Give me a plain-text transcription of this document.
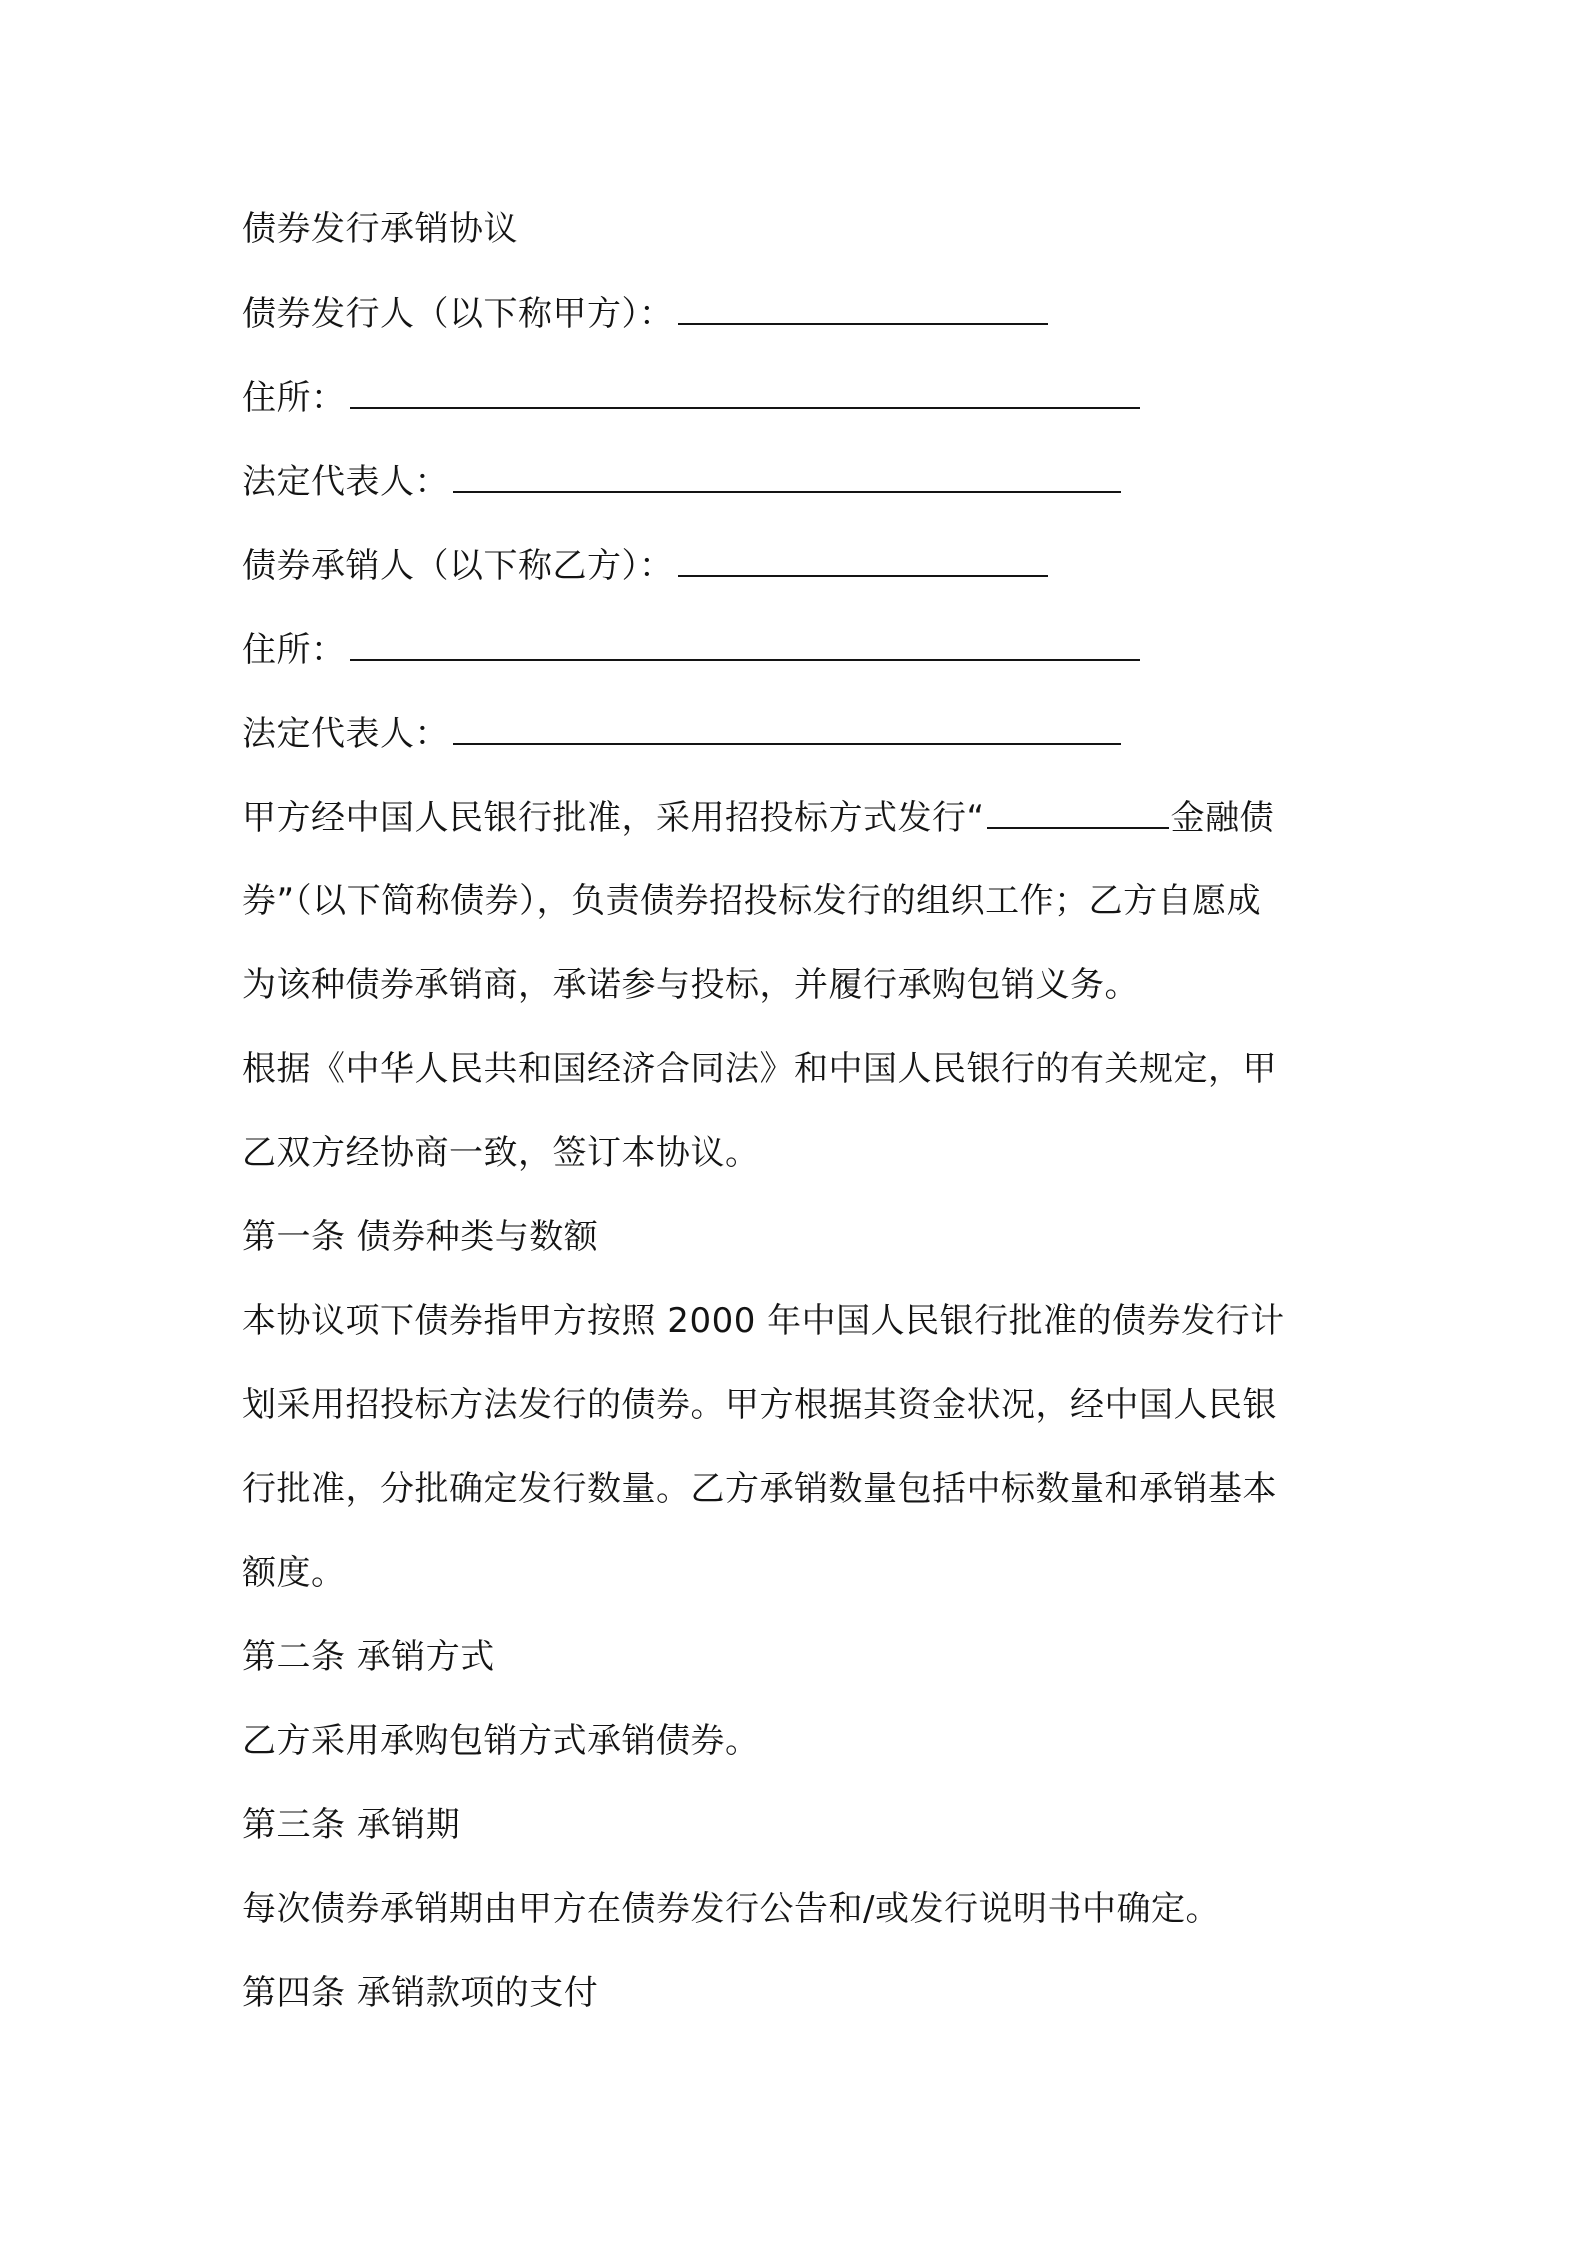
债券发行承销协议
债券发行人（以下称甲方）：
住所：
法定代表人：
债券承销人（以下称乙方）：
住所：
法定代表人：
甲方经中国人民银行批准，采用招投标方式发行“	金融债
券”（以下简称债券），负责债券招投标发行的组织工作；乙方自愿成
为该种债券承销商，承诺参与投标，并履行承购包销义务。
根据《中华人民共和国经济合同法》和中国人民银行的有关规定，甲
乙双方经协商一致，签订本协议。
第一条 债券种类与数额
本协议项下债券指甲方按照 2000 年中国人民银行批准的债券发行计
划采用招投标方法发行的债券。甲方根据其资金状况，经中国人民银
行批准，分批确定发行数量。乙方承销数量包括中标数量和承销基本
额度。
第二条 承销方式
乙方采用承购包销方式承销债券。
第三条 承销期
每次债券承销期由甲方在债券发行公告和/或发行说明书中确定。
第四条 承销款项的支付
